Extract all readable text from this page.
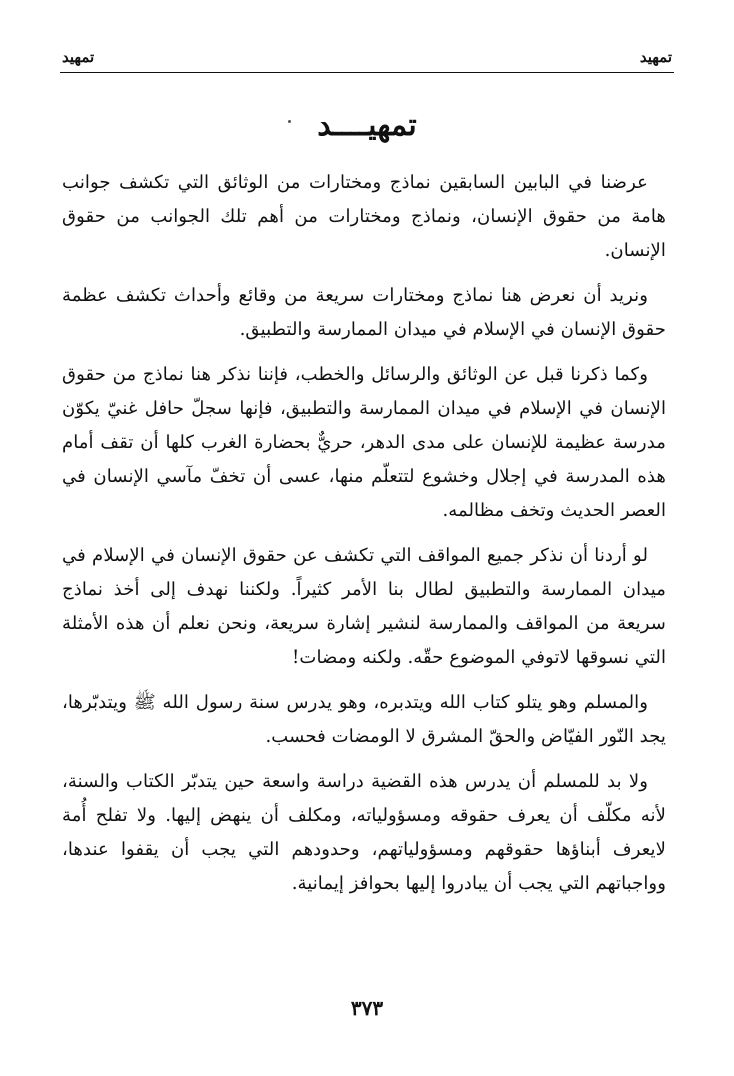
تمهيد
تمهيد
تمهيــــد

عرضنا في البابين السابقين نماذج ومختارات من الوثائق التي تكشف جوانب هامة من حقوق الإنسان، ونماذج ومختارات من أهم تلك الجوانب من حقوق الإنسان.

ونريد أن نعرض هنا نماذج ومختارات سريعة من وقائع وأحداث تكشف عظمة حقوق الإنسان في الإسلام في ميدان الممارسة والتطبيق.

وكما ذكرنا قبل عن الوثائق والرسائل والخطب، فإننا نذكر هنا نماذج من حقوق الإنسان في الإسلام في ميدان الممارسة والتطبيق، فإنها سجلّ حافل غنيّ يكوّن مدرسة عظيمة للإنسان على مدى الدهر، حريٌّ بحضارة الغرب كلها أن تقف أمام هذه المدرسة في إجلال وخشوع لتتعلّم منها، عسى أن تخفّ مآسي الإنسان في العصر الحديث وتخف مظالمه.

لو أردنا أن نذكر جميع المواقف التي تكشف عن حقوق الإنسان في الإسلام في ميدان الممارسة والتطبيق لطال بنا الأمر كثيراً. ولكننا نهدف إلى أخذ نماذج سريعة من المواقف والممارسة لنشير إشارة سريعة، ونحن نعلم أن هذه الأمثلة التي نسوقها لاتوفي الموضوع حقّه. ولكنه ومضات!

والمسلم وهو يتلو كتاب الله ويتدبره، وهو يدرس سنة رسول الله ﷺ ويتدبّرها، يجد النّور الفيّاض والحقّ المشرق لا الومضات فحسب.

ولا بد للمسلم أن يدرس هذه القضية دراسة واسعة حين يتدبّر الكتاب والسنة، لأنه مكلّف أن يعرف حقوقه ومسؤولياته، ومكلف أن ينهض إليها. ولا تفلح أُمة لايعرف أبناؤها حقوقهم ومسؤولياتهم، وحدودهم التي يجب أن يقفوا عندها، وواجباتهم التي يجب أن يبادروا إليها بحوافز إيمانية.

٣٧٣
